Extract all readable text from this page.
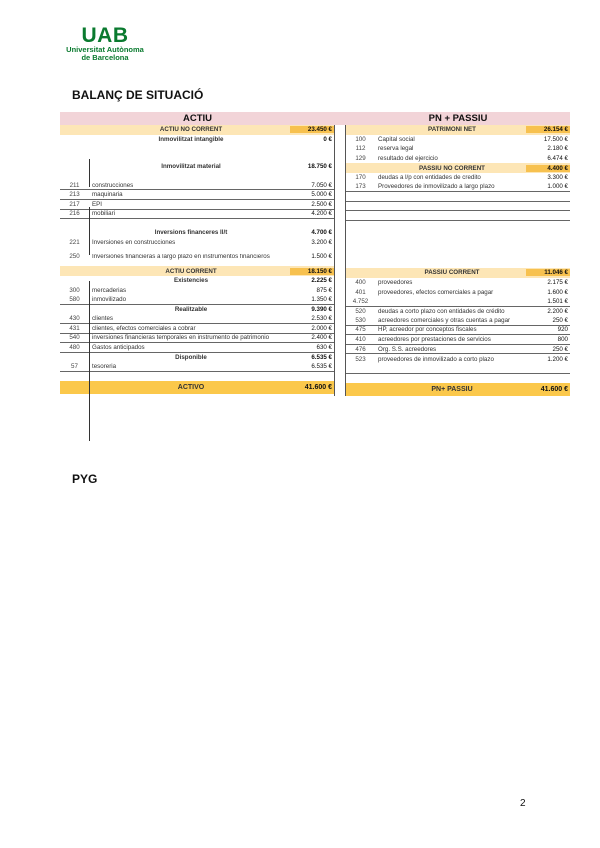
UAB
Universitat Autònoma
de Barcelona
BALANÇ DE SITUACIÓ
ACTIU	PN + PASSIU
ACTIU NO CORRENT	23.450 €
Inmovilitzat intangible	0 €
Inmovilitzat material	18.750 €
211	construcciones	7.050 €
213	maquinaria	5.000 €
217	EPI	2.500 €
216	mobiliari	4.200 €
Inversions financeres ll/t	4.700 €
221	Inversiones en construcciones	3.200 €
250	Inversiones financieras a largo plazo en instrumentos financieros	1.500 €
ACTIU CORRENT	18.150 €
Existencies	2.225 €
300	mercaderias	875 €
580	inmovilizado	1.350 €
Realitzable	9.390 €
430	clientes	2.530 €
431	clientes, efectos comerciales a cobrar	2.000 €
540	inversiones financieras temporales en instrumento de patrimonio	2.400 €
480	Gastos anticipados	630 €
Disponible	6.535 €
57	tesoreria	6.535 €
ACTIVO	41.600 €
PATRIMONI NET	26.154 €
100	Capital social	17.500 €
112	reserva legal	2.180 €
129	resultado del ejercicio	6.474 €
PASSIU NO CORRENT	4.400 €
170	deudas a l/p con entidades de credito	3.300 €
173	Proveedores de inmovilizado a largo plazo	1.000 €
PASSIU CORRENT	11.046 €
400	proveedores	2.175 €
401	proveedores, efectos comerciales a pagar	1.600 €
4.752	1.501 €
520	deudas a corto plazo con entidades de crédito	2.200 €
530	acreedores comerciales y otras cuentas a pagar	250 €
475	HP, acreedor por conceptos fiscales	920
410	acreedores por prestaciones de servicios	800
476	Org. S.S. acreedores	250 €
523	proveedores de inmovilizado a corto plazo	1.200 €
PN+ PASSIU	41.600 €
PYG
2
